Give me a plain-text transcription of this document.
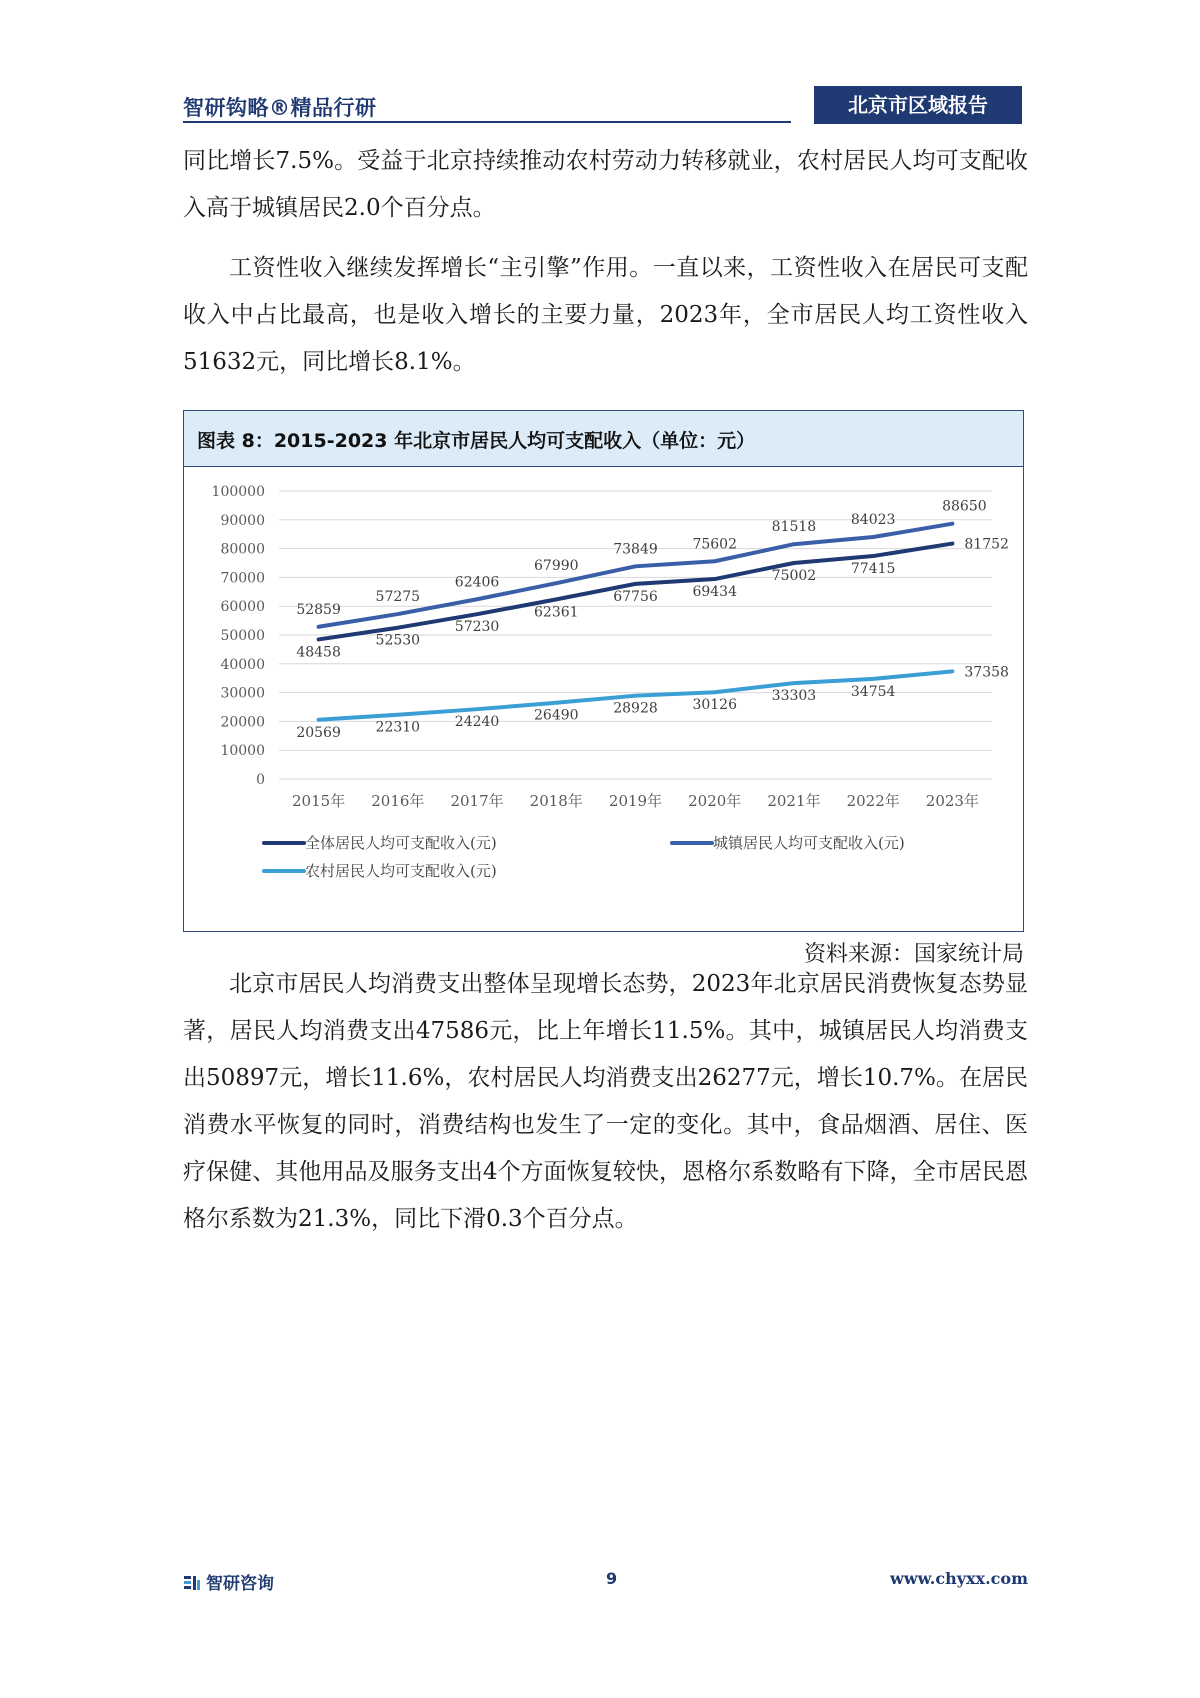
智研钩略®精品行研	北京市区域报告

同比增长7.5%。受益于北京持续推动农村劳动力转移就业，农村居民人均可支配收入高于城镇居民2.0个百分点。

工资性收入继续发挥增长“主引擎”作用。一直以来，工资性收入在居民可支配收入中占比最高，也是收入增长的主要力量，2023年，全市居民人均工资性收入51632元，同比增长8.1%。

图表 8：2015-2023 年北京市居民人均可支配收入（单位：元）
0
10000
20000
30000
40000
50000
60000
70000
80000
90000
100000
2015年 2016年 2017年 2018年 2019年 2020年 2021年 2022年 2023年
48458
52530
57230
62361
67756 69434
75002 77415
81752
52859
57275
62406
67990
73849 75602
81518 84023
88650
20569 22310 24240 26490 28928 30126
33303 34754
37358
全体居民人均可支配收入(元)	城镇居民人均可支配收入(元)
农村居民人均可支配收入(元)
资料来源：国家统计局

北京市居民人均消费支出整体呈现增长态势，2023年北京居民消费恢复态势显著，居民人均消费支出47586元，比上年增长11.5%。其中，城镇居民人均消费支出50897元，增长11.6%，农村居民人均消费支出26277元，增长10.7%。在居民消费水平恢复的同时，消费结构也发生了一定的变化。其中，食品烟酒、居住、医疗保健、其他用品及服务支出4个方面恢复较快，恩格尔系数略有下降，全市居民恩格尔系数为21.3%，同比下滑0.3个百分点。

智研咨询	9	www.chyxx.com
